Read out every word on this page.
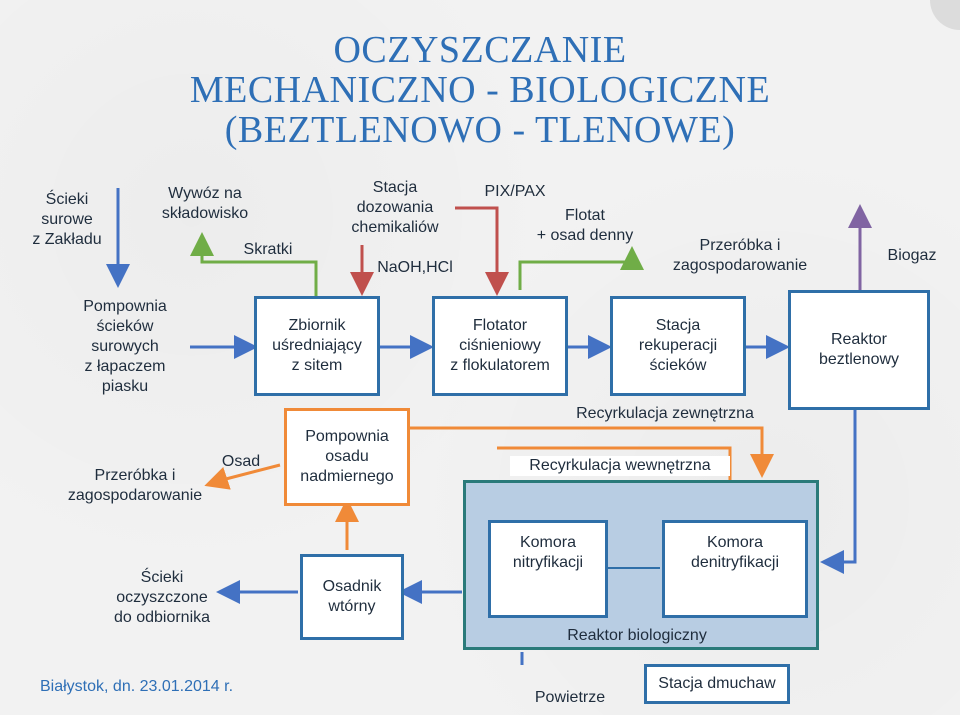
OCZYSZCZANIE
MECHANICZNO - BIOLOGICZNE
(BEZTLENOWO - TLENOWE)
Ścieki
surowe
z Zakładu
Wywóz na
składowisko
Skratki
Stacja
dozowania
chemikaliów
NaOH,HCl
PIX/PAX
Flotat
+ osad denny
Przeróbka i
zagospodarowanie
Biogaz
Osad
Przeróbka i
zagospodarowanie
Recyrkulacja zewnętrzna
Recyrkulacja wewnętrzna
Ścieki
oczyszczone
do odbiornika
Reaktor biologiczny
Powietrze
Pompownia
ścieków
surowych
z łapaczem
piasku
Zbiornik
uśredniający
z sitem
Flotator
ciśnieniowy
z flokulatorem
Stacja
rekuperacji
ścieków
Reaktor
beztlenowy
Pompownia
osadu
nadmiernego
Osadnik
wtórny
Komora
nitryfikacji
Komora
denitryfikacji
Stacja dmuchaw
Białystok, dn. 23.01.2014 r.
